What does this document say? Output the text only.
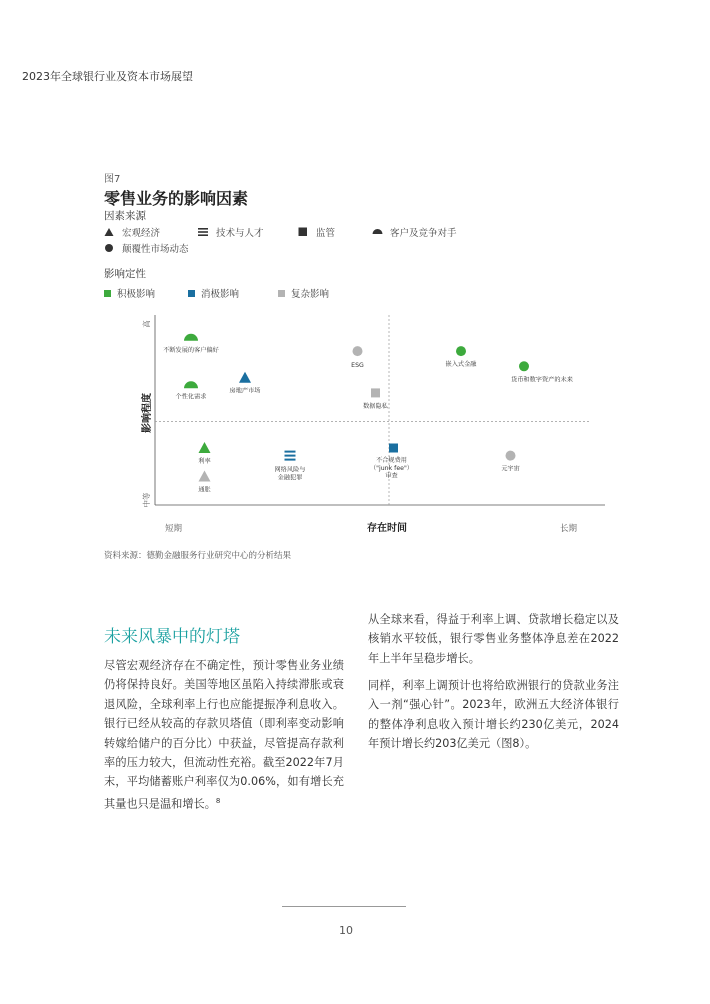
2023年全球银行业及资本市场展望
图7
零售业务的影响因素
因素来源
宏观经济	技术与人才	监管	客户及竞争对手
颠覆性市场动态
影响定性
积极影响	消极影响	复杂影响
短期	长期
存在时间
影响程度
高
中等
不断发展的客户偏好
个性化需求
房地产市场
利率
通胀
网络风险与金融犯罪
ESG
数据隐私
不合规费用（"junk fee"）审查
嵌入式金融
货币和数字资产的未来
元宇宙
资料来源：德勤金融服务行业研究中心的分析结果
未来风暴中的灯塔
尽管宏观经济存在不确定性，预计零售业务业绩仍将保持良好。美国等地区虽陷入持续滞胀或衰退风险，全球利率上行也应能提振净利息收入。银行已经从较高的存款贝塔值（即利率变动影响转嫁给储户的百分比）中获益，尽管提高存款利率的压力较大，但流动性充裕。截至2022年7月末，平均储蓄账户利率仅为0.06%，如有增长充其量也只是温和增长。$^8$
从全球来看，得益于利率上调、贷款增长稳定以及核销水平较低，银行零售业务整体净息差在2022年上半年呈稳步增长。
同样，利率上调预计也将给欧洲银行的贷款业务注入一剂“强心针”。2023年，欧洲五大经济体银行的整体净利息收入预计增长约230亿美元，2024年预计增长约203亿美元（图8）。
10
